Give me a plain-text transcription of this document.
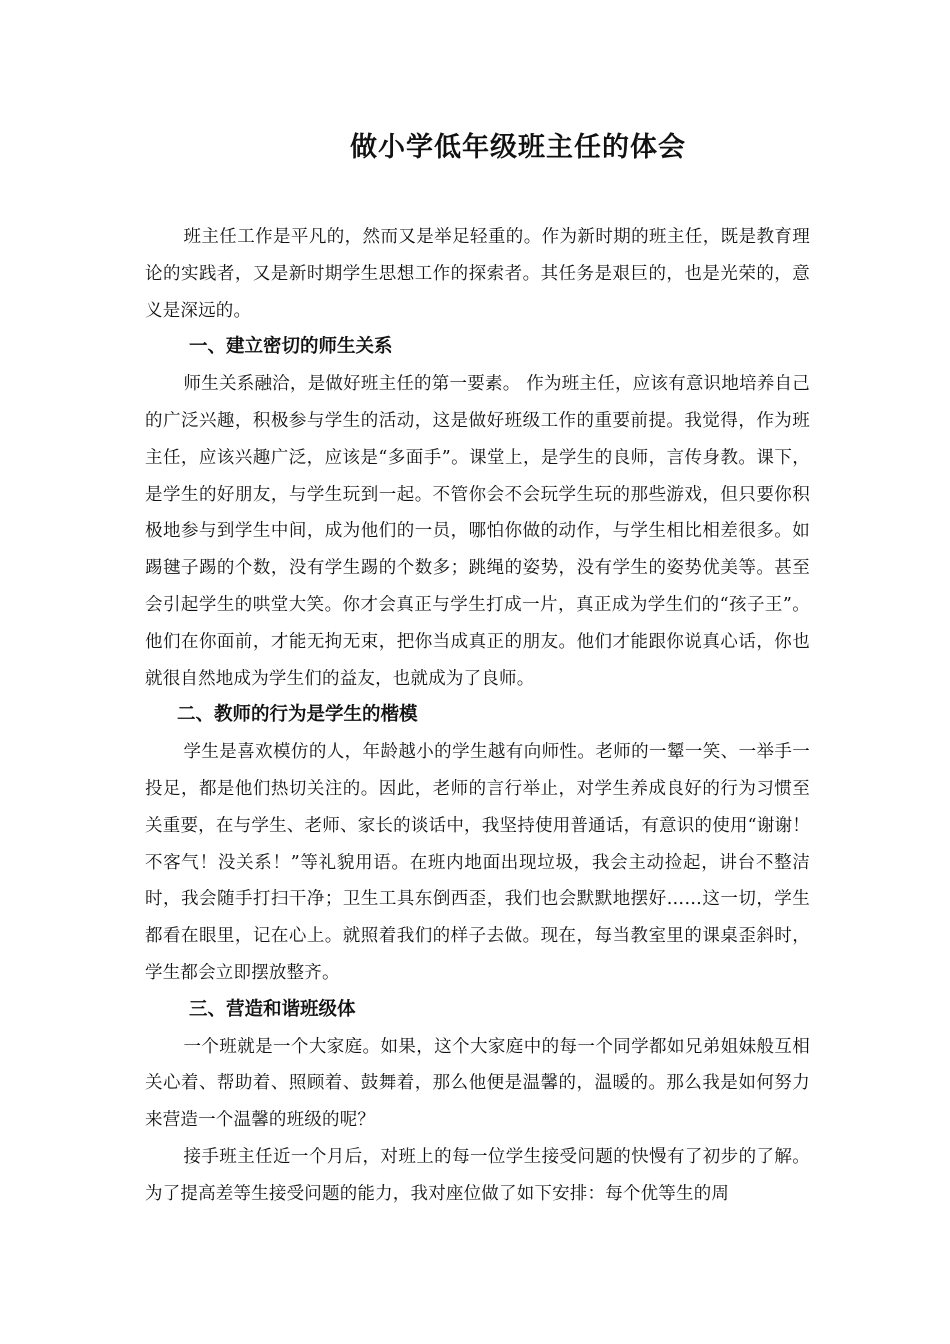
做小学低年级班主任的体会

班主任工作是平凡的，然而又是举足轻重的。作为新时期的班主任，既是教育理论的实践者，又是新时期学生思想工作的探索者。其任务是艰巨的，也是光荣的，意义是深远的。

一、建立密切的师生关系

师生关系融洽，是做好班主任的第一要素。 作为班主任，应该有意识地培养自己的广泛兴趣，积极参与学生的活动，这是做好班级工作的重要前提。我觉得，作为班主任，应该兴趣广泛，应该是“多面手”。课堂上，是学生的良师，言传身教。课下，是学生的好朋友，与学生玩到一起。不管你会不会玩学生玩的那些游戏，但只要你积极地参与到学生中间，成为他们的一员，哪怕你做的动作，与学生相比相差很多。如踢毽子踢的个数，没有学生踢的个数多；跳绳的姿势，没有学生的姿势优美等。甚至会引起学生的哄堂大笑。你才会真正与学生打成一片，真正成为学生们的“孩子王”。他们在你面前，才能无拘无束，把你当成真正的朋友。他们才能跟你说真心话，你也就很自然地成为学生们的益友，也就成为了良师。

二、教师的行为是学生的楷模

学生是喜欢模仿的人，年龄越小的学生越有向师性。老师的一颦一笑、一举手一投足，都是他们热切关注的。因此，老师的言行举止，对学生养成良好的行为习惯至关重要，在与学生、老师、家长的谈话中，我坚持使用普通话，有意识的使用“谢谢！不客气！没关系！”等礼貌用语。在班内地面出现垃圾，我会主动捡起，讲台不整洁时，我会随手打扫干净；卫生工具东倒西歪，我们也会默默地摆好……这一切，学生都看在眼里，记在心上。就照着我们的样子去做。现在，每当教室里的课桌歪斜时，学生都会立即摆放整齐。

三、营造和谐班级体

一个班就是一个大家庭。如果，这个大家庭中的每一个同学都如兄弟姐妹般互相关心着、帮助着、照顾着、鼓舞着，那么他便是温馨的，温暖的。那么我是如何努力来营造一个温馨的班级的呢？

接手班主任近一个月后，对班上的每一位学生接受问题的快慢有了初步的了解。为了提高差等生接受问题的能力，我对座位做了如下安排：每个优等生的周
